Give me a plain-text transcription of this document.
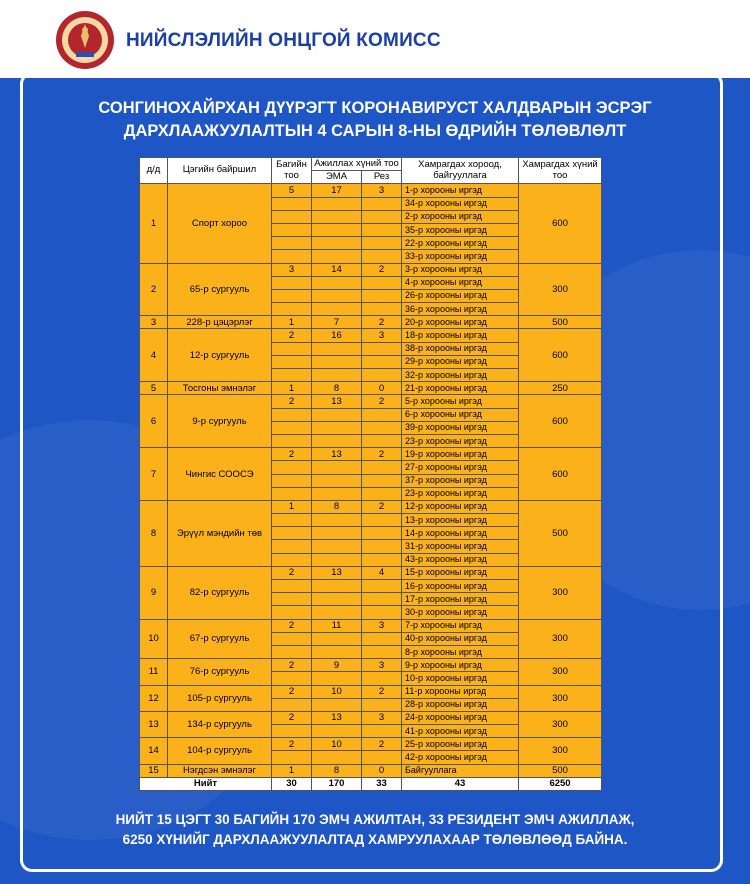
НИЙСЛЭЛИЙН ОНЦГОЙ КОМИСС
СОНГИНОХАЙРХАН ДҮҮРЭГТ КОРОНАВИРУСТ ХАЛДВАРЫН ЭСРЭГ
ДАРХЛААЖУУЛАЛТЫН 4 САРЫН 8-НЫ ӨДРИЙН ТӨЛӨВЛӨЛТ
д/д	Цэгийн байршил	Багийн тоо	Ажиллах хүний тоо		Хамрагдах хороод, байгууллага	Хамрагдах хүний тоо
			ЭМА	Рез		
1	Спорт хороо	5	17	3	1-р хорооны иргэд	600
					34-р хорооны иргэд	
					2-р хорооны иргэд	
					35-р хорооны иргэд	
					22-р хорооны иргэд	
					33-р хорооны иргэд	
2	65-р сургууль	3	14	2	3-р хорооны иргэд	300
					4-р хорооны иргэд	
					26-р хорооны иргэд	
					36-р хорооны иргэд	
3	228-р цэцэрлэг	1	7	2	20-р хорооны иргэд	500
4	12-р сургууль	2	16	3	18-р хорооны иргэд	600
					38-р хорооны иргэд	
					29-р хорооны иргэд	
					32-р хорооны иргэд	
5	Тосгоны эмнэлэг	1	8	0	21-р хорооны иргэд	250
6	9-р сургууль	2	13	2	5-р хорооны иргэд	600
					6-р хорооны иргэд	
					39-р хорооны иргэд	
					23-р хорооны иргэд	
7	Чингис СООСЭ	2	13	2	19-р хорооны иргэд	600
					27-р хорооны иргэд	
					37-р хорооны иргэд	
					23-р хорооны иргэд	
8	Эрүүл мэндийн төв	1	8	2	12-р хорооны иргэд	500
					13-р хорооны иргэд	
					14-р хорооны иргэд	
					31-р хорооны иргэд	
					43-р хорооны иргэд	
9	82-р сургууль	2	13	4	15-р хорооны иргэд	300
					16-р хорооны иргэд	
					17-р хорооны иргэд	
					30-р хорооны иргэд	
10	67-р сургууль	2	11	3	7-р хорооны иргэд	300
					40-р хорооны иргэд	
					8-р хорооны иргэд	
11	76-р сургууль	2	9	3	9-р хорооны иргэд	300
					10-р хорооны иргэд	
12	105-р сургууль	2	10	2	11-р хорооны иргэд	300
					28-р хорооны иргэд	
13	134-р сургууль	2	13	3	24-р хорооны иргэд	300
					41-р хорооны иргэд	
14	104-р сургууль	2	10	2	25-р хорооны иргэд	300
					42-р хорооны иргэд	
15	Нэгдсэн эмнэлэг	1	8	0	Байгууллага	500
Нийт		30	170	33	43	6250
НИЙТ 15 ЦЭГТ 30 БАГИЙН 170 ЭМЧ АЖИЛТАН, 33 РЕЗИДЕНТ ЭМЧ АЖИЛЛАЖ,
6250 ХҮНИЙГ ДАРХЛААЖУУЛАЛТАД ХАМРУУЛАХААР ТӨЛӨВЛӨӨД БАЙНА.
